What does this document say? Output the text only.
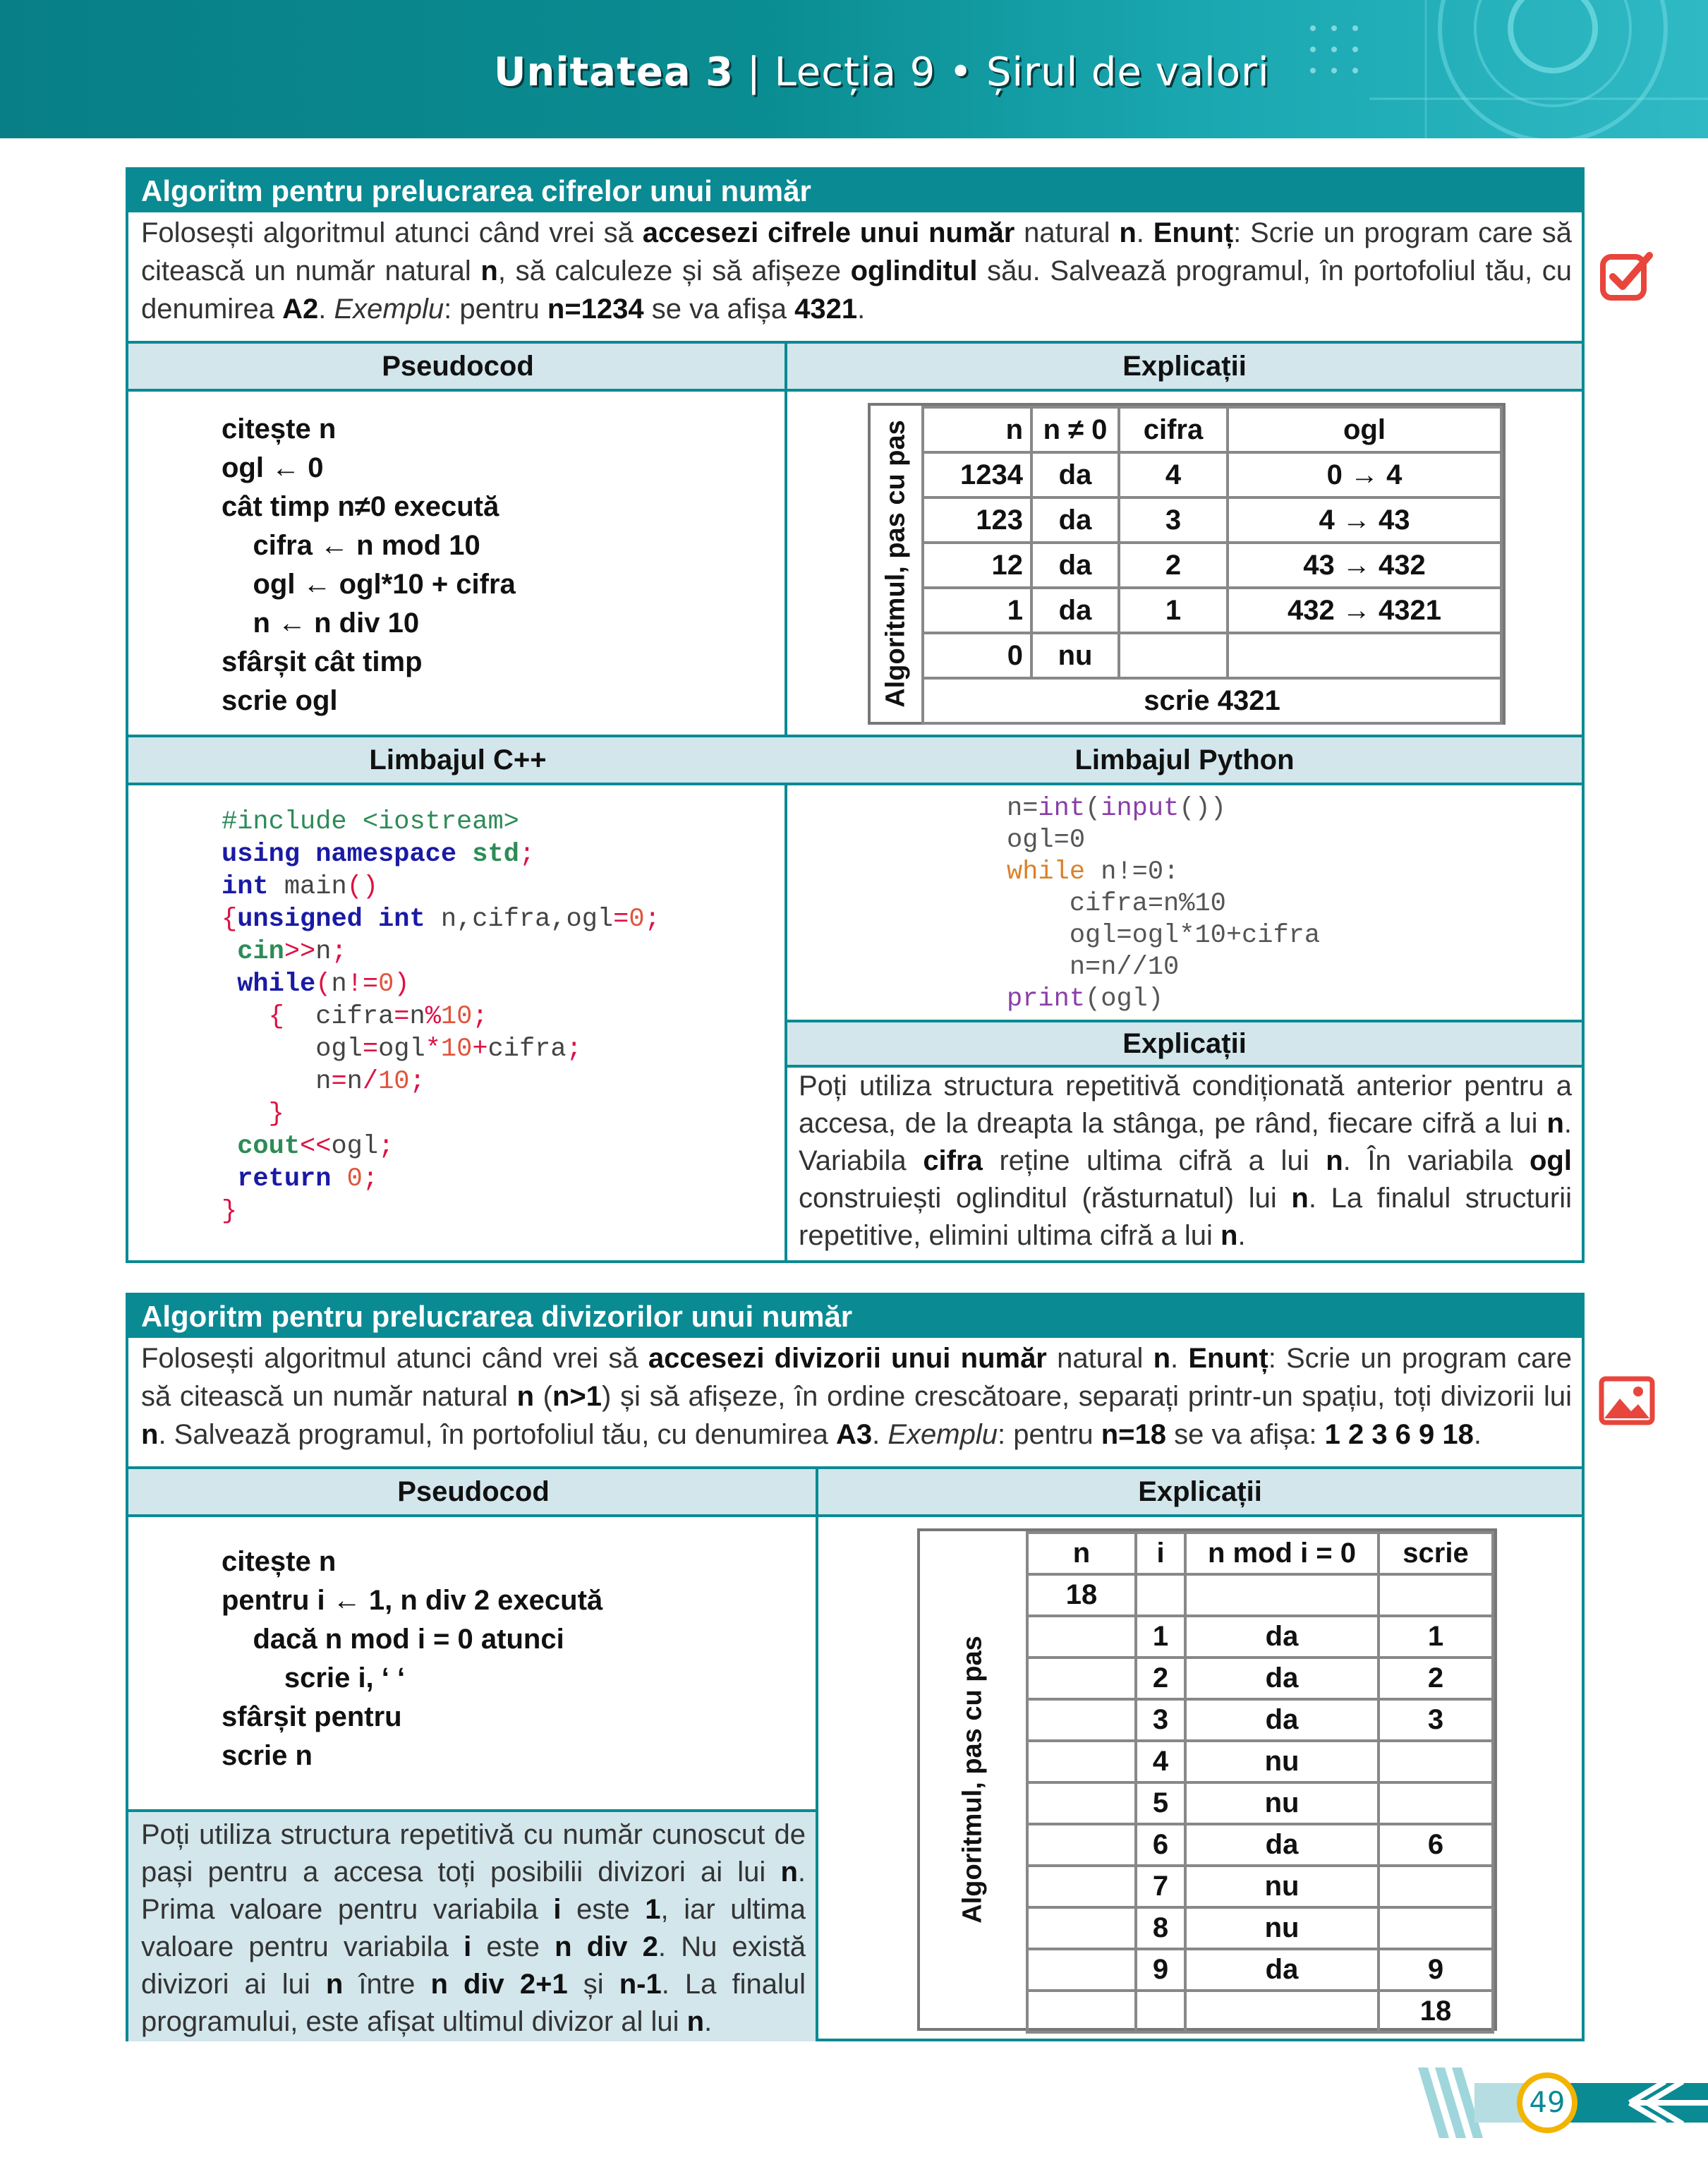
Unitatea 3 | Lecția 9 • Șirul de valori
Algoritm pentru prelucrarea cifrelor unui număr
Folosești algoritmul atunci când vrei să accesezi cifrele unui număr natural n. Enunț: Scrie un program care să citească un număr natural n, să calculeze și să afișeze oglinditul său. Salvează programul, în portofoliul tău, cu denumirea A2. Exemplu: pentru n=1234 se va afișa 4321.
Pseudocod	Explicații
citește n
ogl ← 0
cât timp n≠0 execută
cifra ← n mod 10
ogl ← ogl*10 + cifra
n ← n div 10
sfârșit cât timp
scrie ogl	Algoritmul, pas cu pas	n	n ≠ 0	cifra	ogl
1234	da	4	0 → 4
123	da	3	4 → 43
12	da	2	43 → 432
1	da	1	432 → 4321
0	nu		
scrie 4321			
Limbajul C++	Limbajul Python
#include <iostream>
using namespace std;
int main()
{unsigned int n,cifra,ogl=0;
cin>>n;
while(n!=0)
{  cifra=n%10;
ogl=ogl*10+cifra;
n=n/10;
}
cout<<ogl;
return 0;
}
n=int(input())
ogl=0
while n!=0:
cifra=n%10
ogl=ogl*10+cifra
n=n//10
print(ogl)
Explicații
Poți utiliza structura repetitivă condiționată anterior pentru a accesa, de la dreapta la stânga, pe rând, fiecare cifră a lui n. Variabila cifra reține ultima cifră a lui n. În variabila ogl construiești oglinditul (răsturnatul) lui n. La finalul structurii repetitive, elimini ultima cifră a lui n.
Algoritm pentru prelucrarea divizorilor unui număr
Folosești algoritmul atunci când vrei să accesezi divizorii unui număr natural n. Enunț: Scrie un program care să citească un număr natural n (n>1) și să afișeze, în ordine crescătoare, separați printr-un spațiu, toți divizorii lui n. Salvează programul, în portofoliul tău, cu denumirea A3. Exemplu: pentru n=18 se va afișa: 1 2 3 6 9 18.
Pseudocod	Explicații
citește n
pentru i ← 1, n div 2 execută
dacă n mod i = 0 atunci
scrie i, ‘ ‘
sfârșit pentru
scrie n
Poți utiliza structura repetitivă cu număr cunoscut de pași pentru a accesa toți posibilii divizori ai lui n. Prima valoare pentru variabila i este 1, iar ultima valoare pentru variabila i este n div 2. Nu există divizori ai lui n între n div 2+1 și n-1. La finalul programului, este afișat ultimul divizor al lui n.
Algoritmul, pas cu pas
n	i	n mod i = 0	scrie
18			
	1	da	1
	2	da	2
	3	da	3
	4	nu	
	5	nu	
	6	da	6
	7	nu	
	8	nu	
	9	da	9
			18
49
